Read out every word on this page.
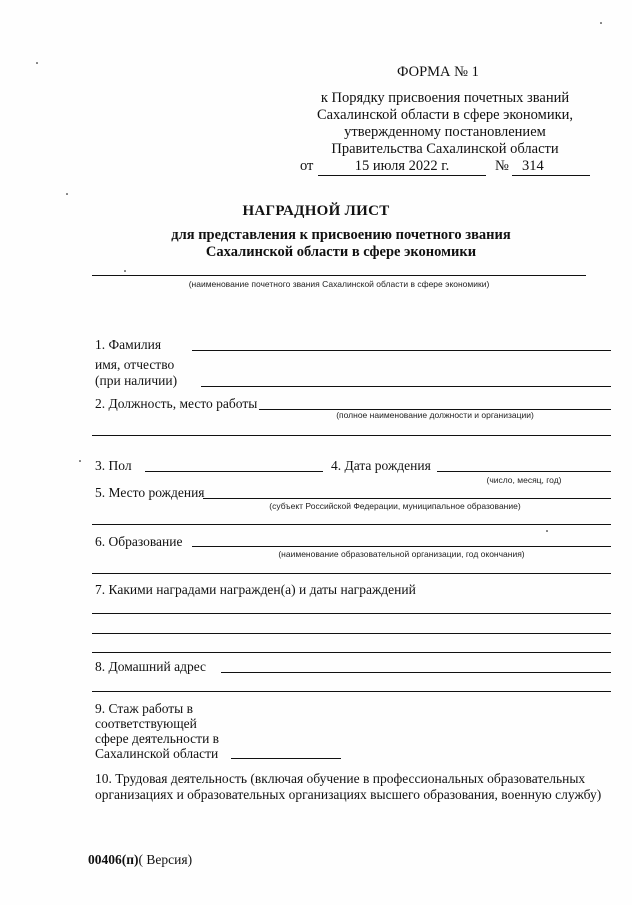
ФОРМА № 1
к Порядку присвоения почетных званий
Сахалинской области в сфере экономики,
утвержденному постановлением
Правительства Сахалинской области
от	15 июля 2022 г.	№ 314
НАГРАДНОЙ ЛИСТ
для представления к присвоению почетного звания
Сахалинской области в сфере экономики
(наименование почетного звания Сахалинской области в сфере экономики)
1. Фамилия
имя, отчество
(при наличии)
2. Должность, место работы
(полное наименование должности и организации)
3. Пол	4. Дата рождения
(число, месяц, год)
5. Место рождения
(субъект Российской Федерации, муниципальное образование)
6. Образование
(наименование образовательной организации, год окончания)
7. Какими наградами награжден(а) и даты награждений
8. Домашний адрес
9. Стаж работы в
соответствующей
сфере деятельности в
Сахалинской области
10. Трудовая деятельность (включая обучение в профессиональных образовательных
организациях и образовательных организациях высшего образования, военную службу)
00406(п)( Версия)
